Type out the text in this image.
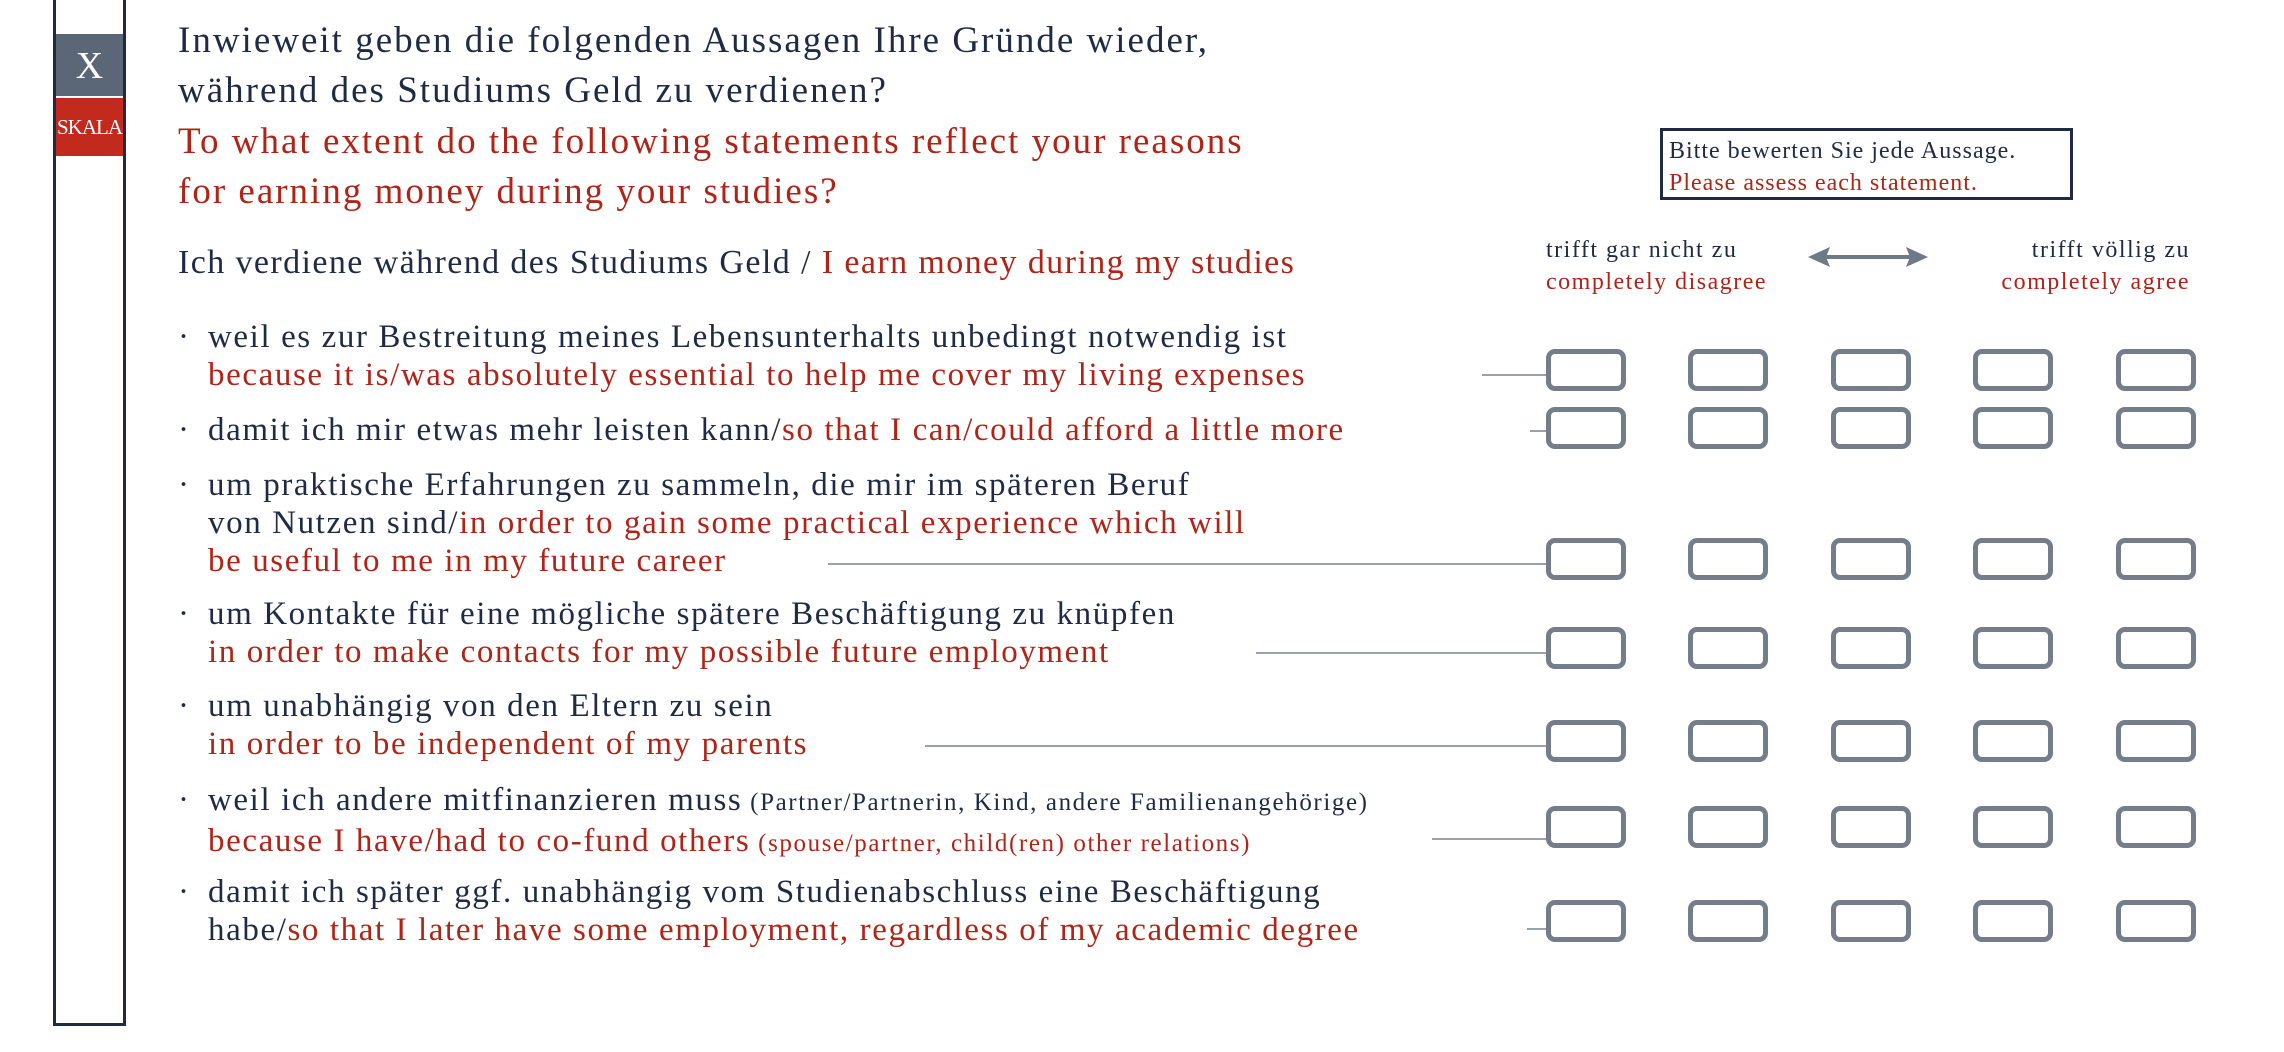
X
SKALA
Inwieweit geben die folgenden Aussagen Ihre Gründe wieder,
während des Studiums Geld zu verdienen?
To what extent do the following statements reflect your reasons
for earning money during your studies?
Ich verdiene während des Studiums Geld / I earn money during my studies
Bitte bewerten Sie jede Aussage.
Please assess each statement.
trifft gar nicht zu
completely disagree
trifft völlig zu
completely agree
· weil es zur Bestreitung meines Lebensunterhalts unbedingt notwendig ist
because it is/was absolutely essential to help me cover my living expenses
· damit ich mir etwas mehr leisten kann/so that I can/could afford a little more
· um praktische Erfahrungen zu sammeln, die mir im späteren Beruf
von Nutzen sind/in order to gain some practical experience which will
be useful to me in my future career
· um Kontakte für eine mögliche spätere Beschäftigung zu knüpfen
in order to make contacts for my possible future employment
· um unabhängig von den Eltern zu sein
in order to be independent of my parents
· weil ich andere mitfinanzieren muss (Partner/Partnerin, Kind, andere Familienangehörige)
because I have/had to co-fund others (spouse/partner, child(ren) other relations)
· damit ich später ggf. unabhängig vom Studienabschluss eine Beschäftigung
habe/so that I later have some employment, regardless of my academic degree
